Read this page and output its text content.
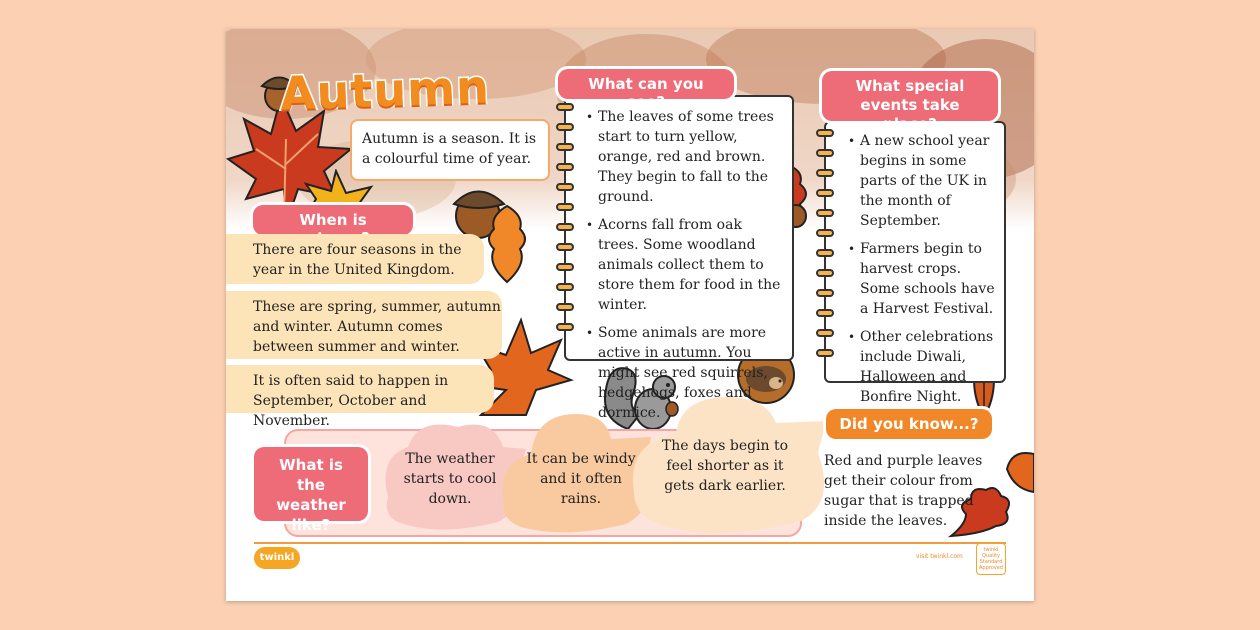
Autumn
Autumn is a season. It is a colourful time of year.
When is
There are four seasons in the year in the United Kingdom.
These are spring, summer, autumn and winter. Autumn comes between summer and winter.
It is often said to happen in September, October and November.
• The leaves of some trees start to turn yellow, orange, red and brown. They begin to fall to the ground.
• Acorns fall from oak trees. Some woodland animals collect them to store them for food in the winter.
• Some animals are more active in autumn. You might see red squirrels, hedgehogs, foxes and dormice.
What can you see?
• A new school year begins in some parts of the UK in the month of September.
• Farmers begin to harvest crops. Some schools have a Harvest Festival.
• Other celebrations include Diwali, Halloween and Bonfire Night.
What special events take place?
What is the weather like?
The weather starts to cool down.
It can be windy and it often rains.
The days begin to feel shorter as it gets dark earlier.
Did you know...?
Red and purple leaves get their colour from sugar that is trapped inside the leaves.
twinkl	visit twinkl.com
twinkl Quality Standard Approved
